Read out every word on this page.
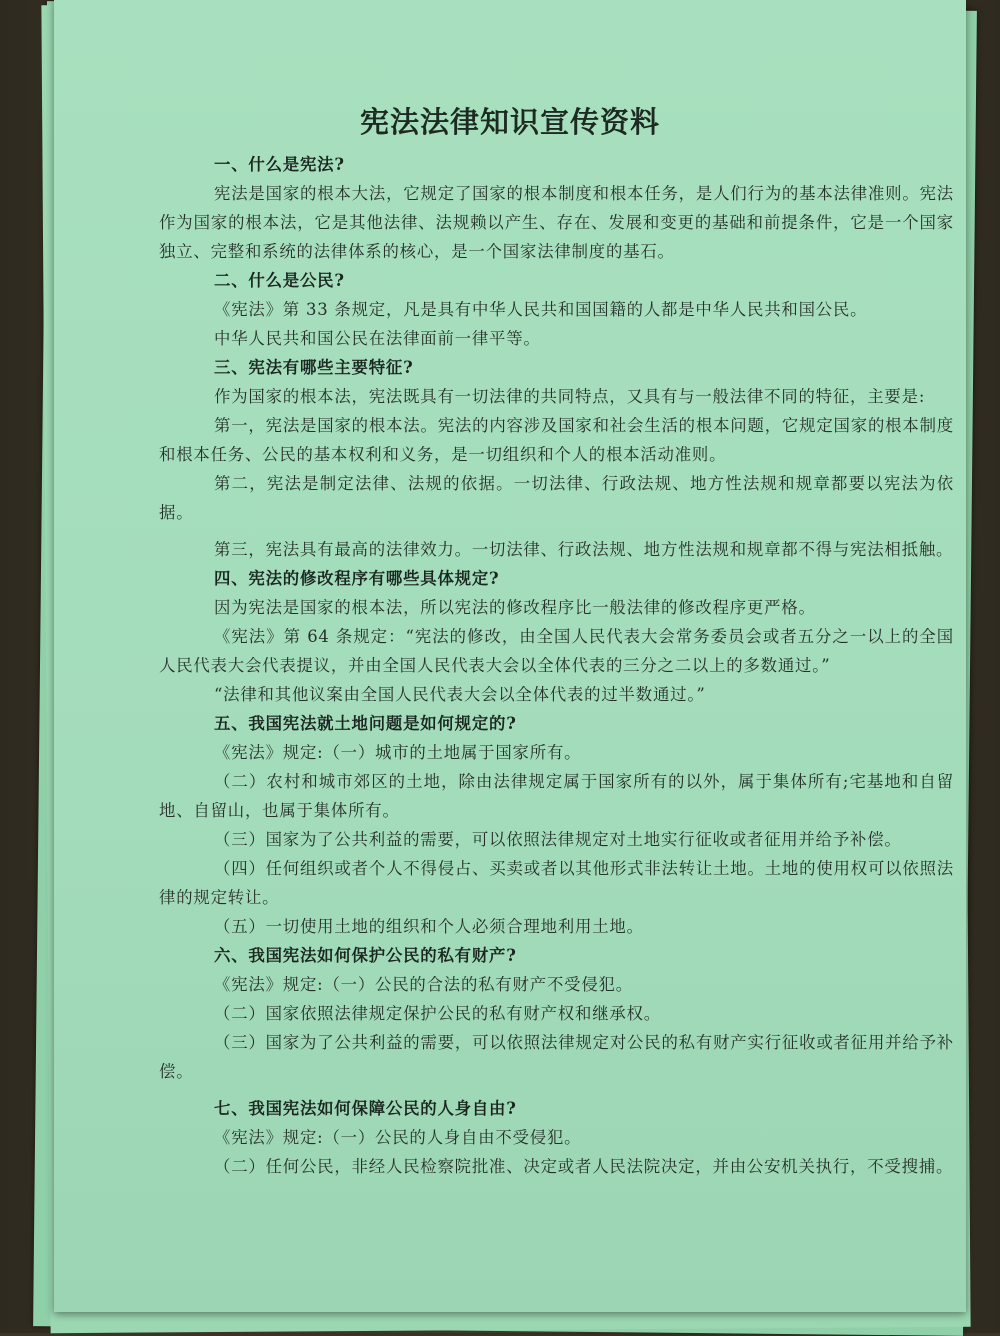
宪法法律知识宣传资料

一、什么是宪法?

宪法是国家的根本大法，它规定了国家的根本制度和根本任务，是人们行为的基本法律准则。宪法作为国家的根本法，它是其他法律、法规赖以产生、存在、发展和变更的基础和前提条件，它是一个国家独立、完整和系统的法律体系的核心，是一个国家法律制度的基石。

二、什么是公民?

《宪法》第 33 条规定，凡是具有中华人民共和国国籍的人都是中华人民共和国公民。

中华人民共和国公民在法律面前一律平等。

三、宪法有哪些主要特征?

作为国家的根本法，宪法既具有一切法律的共同特点，又具有与一般法律不同的特征，主要是:

第一，宪法是国家的根本法。宪法的内容涉及国家和社会生活的根本问题，它规定国家的根本制度和根本任务、公民的基本权利和义务，是一切组织和个人的根本活动准则。

第二，宪法是制定法律、法规的依据。一切法律、行政法规、地方性法规和规章都要以宪法为依据。

第三，宪法具有最高的法律效力。一切法律、行政法规、地方性法规和规章都不得与宪法相抵触。

四、宪法的修改程序有哪些具体规定?

因为宪法是国家的根本法，所以宪法的修改程序比一般法律的修改程序更严格。

《宪法》第 64 条规定：“宪法的修改，由全国人民代表大会常务委员会或者五分之一以上的全国人民代表大会代表提议，并由全国人民代表大会以全体代表的三分之二以上的多数通过。”

“法律和其他议案由全国人民代表大会以全体代表的过半数通过。”

五、我国宪法就土地问题是如何规定的?

《宪法》规定:（一）城市的土地属于国家所有。

（二）农村和城市郊区的土地，除由法律规定属于国家所有的以外，属于集体所有;宅基地和自留地、自留山，也属于集体所有。

（三）国家为了公共利益的需要，可以依照法律规定对土地实行征收或者征用并给予补偿。

（四）任何组织或者个人不得侵占、买卖或者以其他形式非法转让土地。土地的使用权可以依照法律的规定转让。

（五）一切使用土地的组织和个人必须合理地利用土地。

六、我国宪法如何保护公民的私有财产?

《宪法》规定:（一）公民的合法的私有财产不受侵犯。

（二）国家依照法律规定保护公民的私有财产权和继承权。

（三）国家为了公共利益的需要，可以依照法律规定对公民的私有财产实行征收或者征用并给予补偿。

七、我国宪法如何保障公民的人身自由?

《宪法》规定:（一）公民的人身自由不受侵犯。

（二）任何公民，非经人民检察院批准、决定或者人民法院决定，并由公安机关执行，不受搜捕。
